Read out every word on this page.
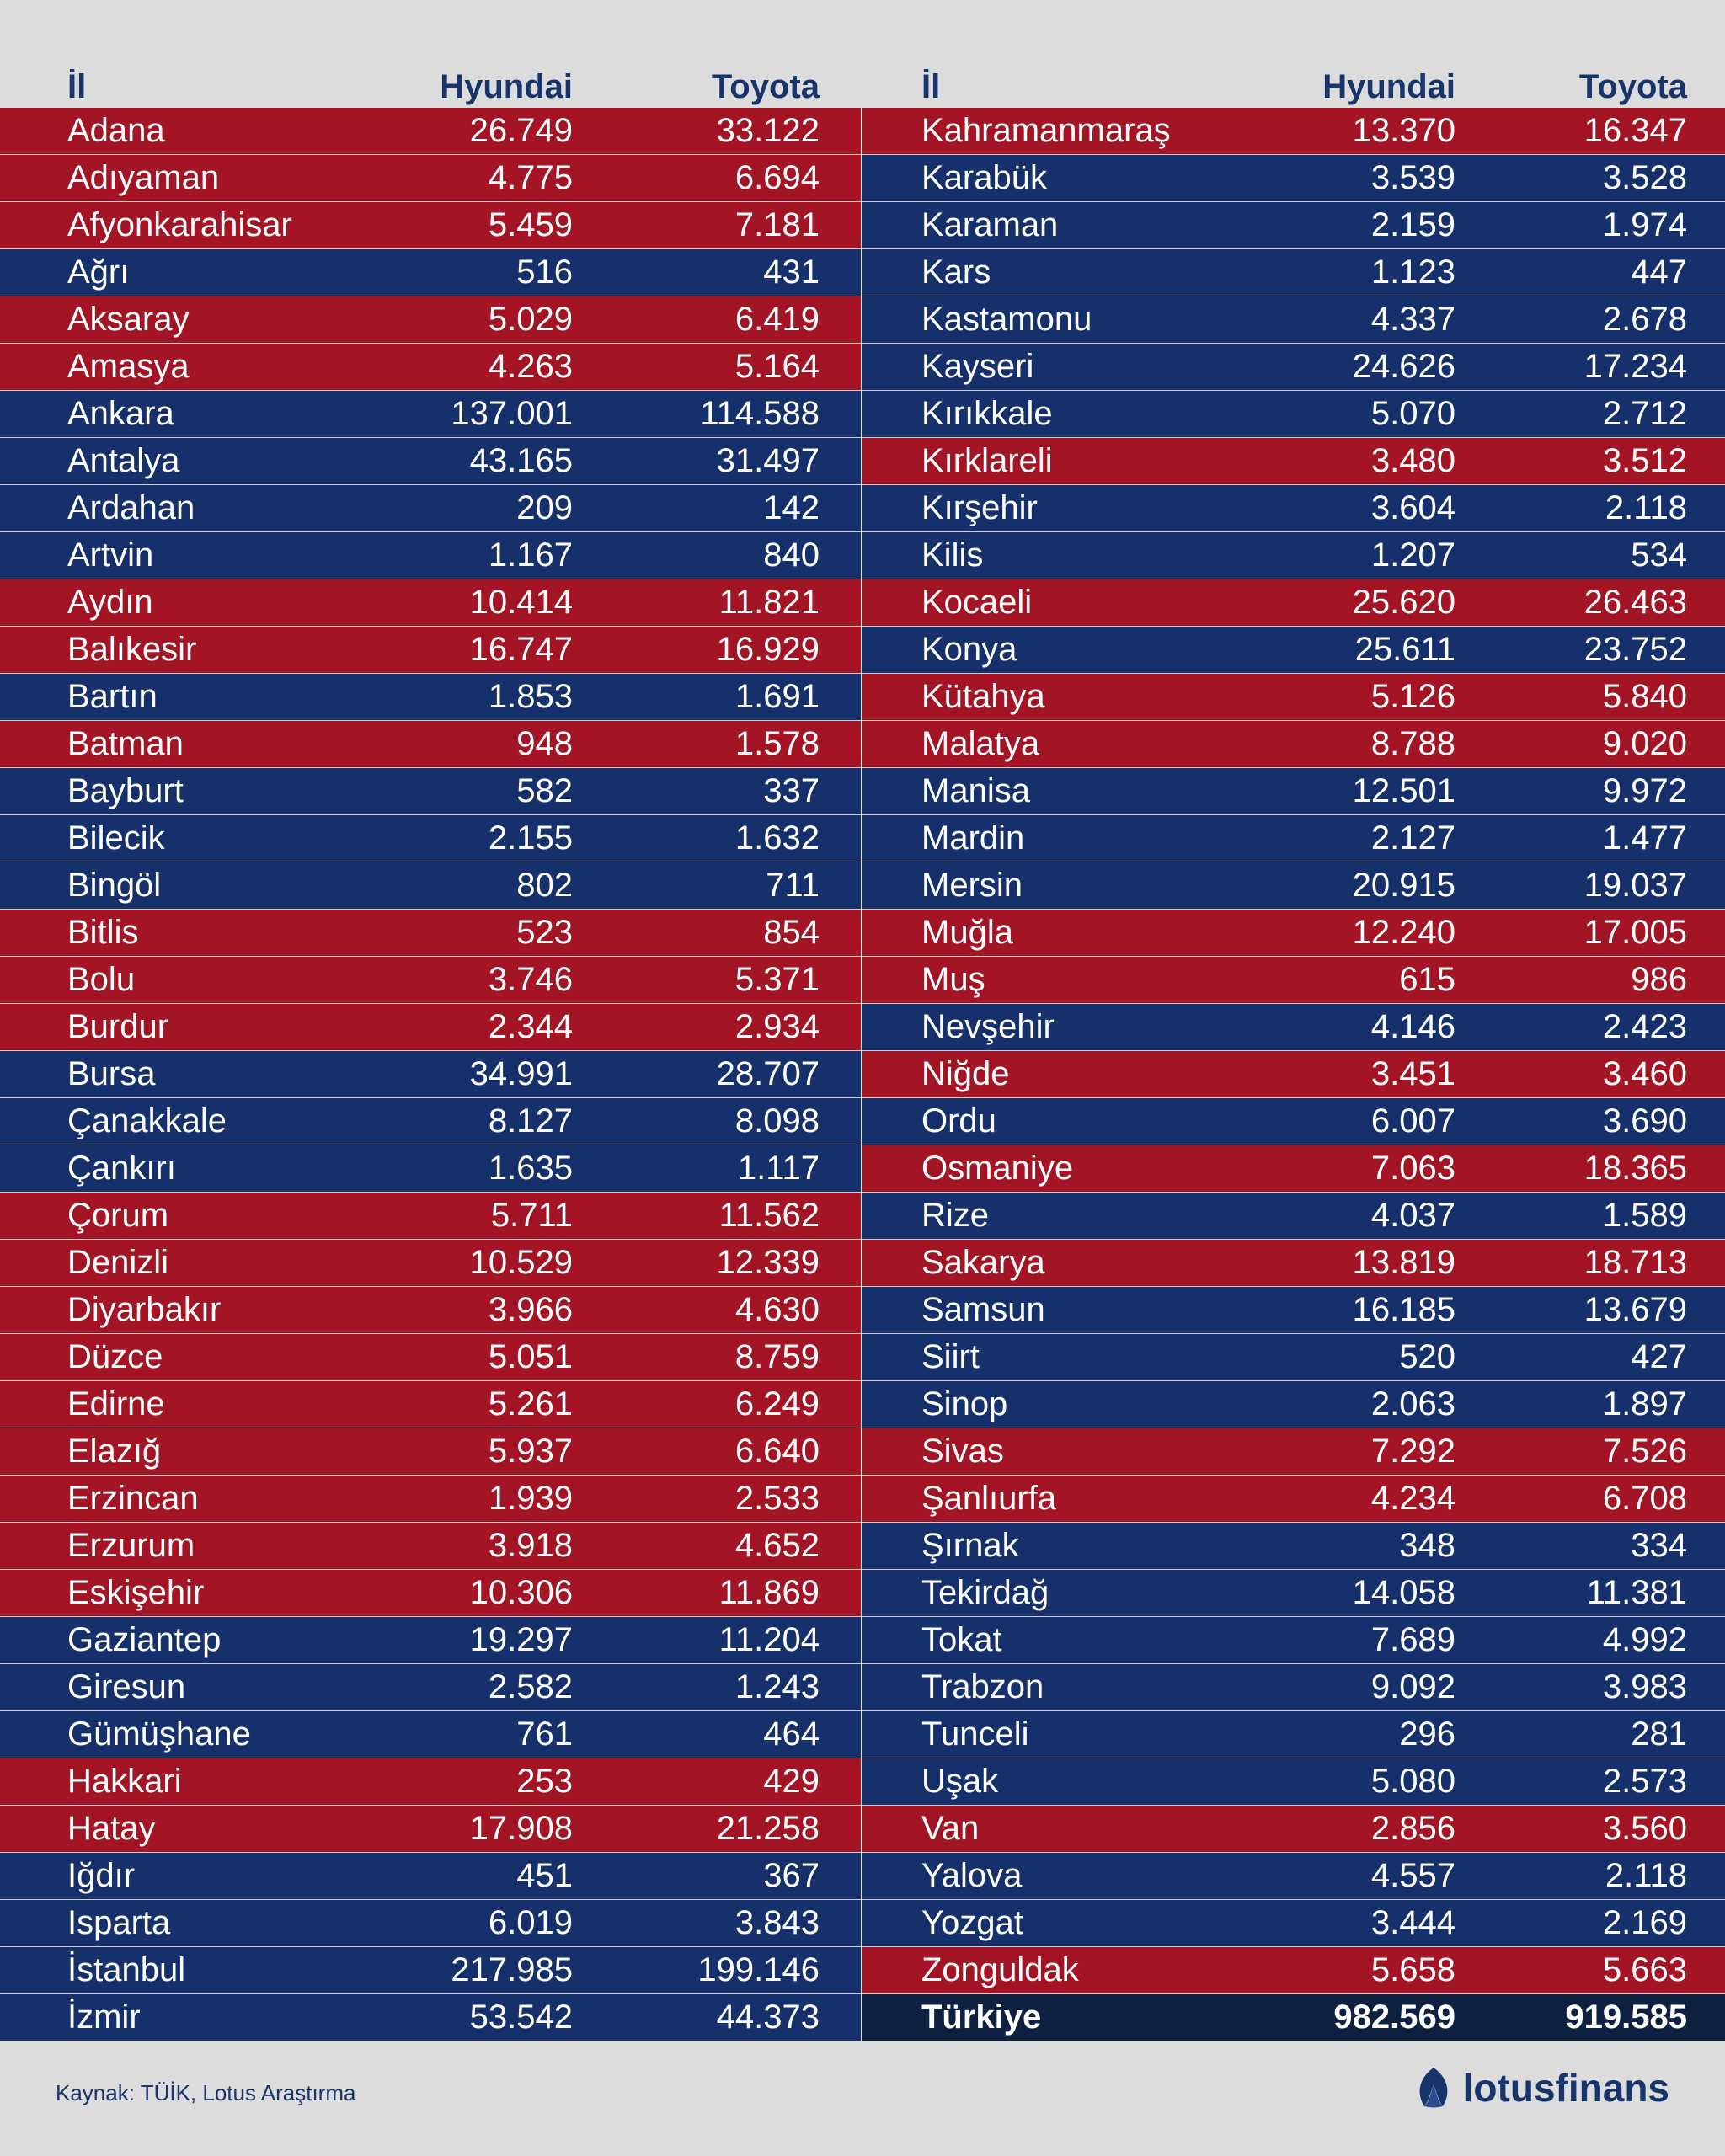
İl	Hyundai	Toyota
Adana	26.749	33.122
Adıyaman	4.775	6.694
Afyonkarahisar	5.459	7.181
Ağrı	516	431
Aksaray	5.029	6.419
Amasya	4.263	5.164
Ankara	137.001	114.588
Antalya	43.165	31.497
Ardahan	209	142
Artvin	1.167	840
Aydın	10.414	11.821
Balıkesir	16.747	16.929
Bartın	1.853	1.691
Batman	948	1.578
Bayburt	582	337
Bilecik	2.155	1.632
Bingöl	802	711
Bitlis	523	854
Bolu	3.746	5.371
Burdur	2.344	2.934
Bursa	34.991	28.707
Çanakkale	8.127	8.098
Çankırı	1.635	1.117
Çorum	5.711	11.562
Denizli	10.529	12.339
Diyarbakır	3.966	4.630
Düzce	5.051	8.759
Edirne	5.261	6.249
Elazığ	5.937	6.640
Erzincan	1.939	2.533
Erzurum	3.918	4.652
Eskişehir	10.306	11.869
Gaziantep	19.297	11.204
Giresun	2.582	1.243
Gümüşhane	761	464
Hakkari	253	429
Hatay	17.908	21.258
Iğdır	451	367
Isparta	6.019	3.843
İstanbul	217.985	199.146
İzmir	53.542	44.373
İl	Hyundai	Toyota
Kahramanmaraş	13.370	16.347
Karabük	3.539	3.528
Karaman	2.159	1.974
Kars	1.123	447
Kastamonu	4.337	2.678
Kayseri	24.626	17.234
Kırıkkale	5.070	2.712
Kırklareli	3.480	3.512
Kırşehir	3.604	2.118
Kilis	1.207	534
Kocaeli	25.620	26.463
Konya	25.611	23.752
Kütahya	5.126	5.840
Malatya	8.788	9.020
Manisa	12.501	9.972
Mardin	2.127	1.477
Mersin	20.915	19.037
Muğla	12.240	17.005
Muş	615	986
Nevşehir	4.146	2.423
Niğde	3.451	3.460
Ordu	6.007	3.690
Osmaniye	7.063	18.365
Rize	4.037	1.589
Sakarya	13.819	18.713
Samsun	16.185	13.679
Siirt	520	427
Sinop	2.063	1.897
Sivas	7.292	7.526
Şanlıurfa	4.234	6.708
Şırnak	348	334
Tekirdağ	14.058	11.381
Tokat	7.689	4.992
Trabzon	9.092	3.983
Tunceli	296	281
Uşak	5.080	2.573
Van	2.856	3.560
Yalova	4.557	2.118
Yozgat	3.444	2.169
Zonguldak	5.658	5.663
Türkiye	982.569	919.585
Kaynak: TÜİK, Lotus Araştırma	lotusfinans
